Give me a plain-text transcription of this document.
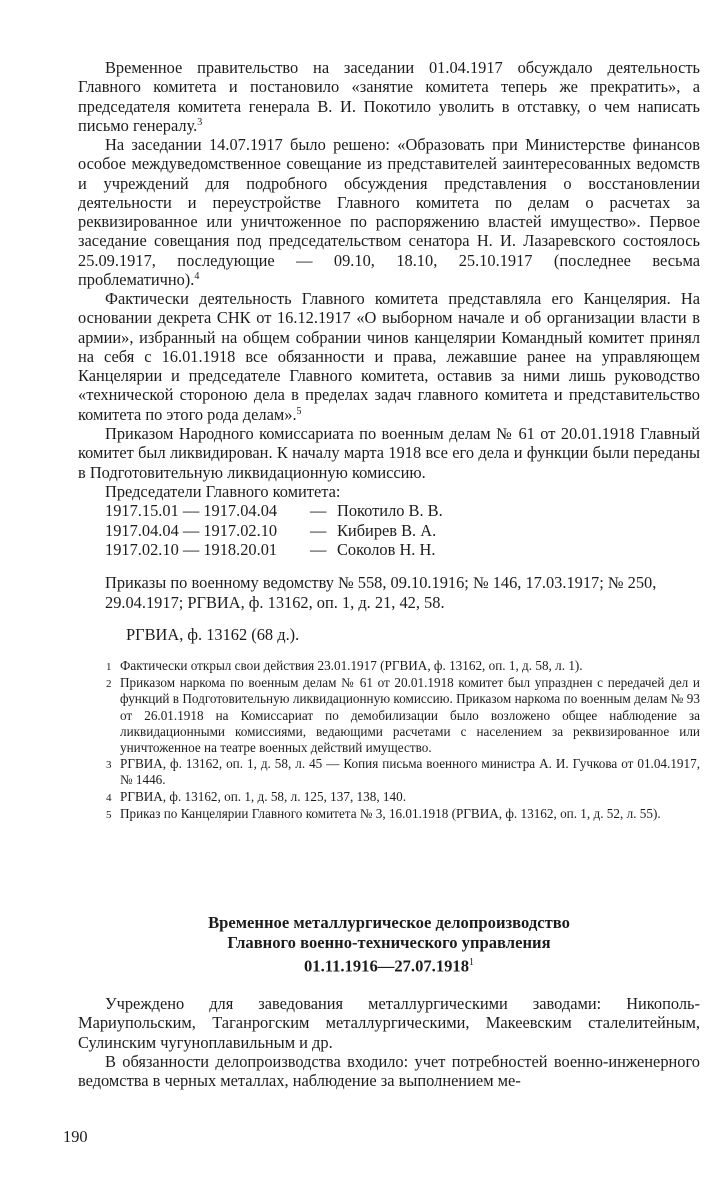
Временное правительство на заседании 01.04.1917 обсуждало деятельность Главного комитета и постановило «занятие комитета теперь же прекратить», а председателя комитета генерала В. И. Покотило уволить в отставку, о чем написать письмо генералу.$^3$

На заседании 14.07.1917 было решено: «Образовать при Министерстве финансов особое междуведомственное совещание из представителей заинтересованных ведомств и учреждений для подробного обсуждения представления о восстановлении деятельности и переустройстве Главного комитета по делам о расчетах за реквизированное или уничтоженное по распоряжению властей имущество». Первое заседание совещания под председательством сенатора Н. И. Лазаревского состоялось 25.09.1917, последующие — 09.10, 18.10, 25.10.1917 (последнее весьма проблематично).$^4$

Фактически деятельность Главного комитета представляла его Канцелярия. На основании декрета СНК от 16.12.1917 «О выборном начале и об организации власти в армии», избранный на общем собрании чинов канцелярии Командный комитет принял на себя с 16.01.1918 все обязанности и права, лежавшие ранее на управляющем Канцелярии и председателе Главного комитета, оставив за ними лишь руководство «технической стороною дела в пределах задач главного комитета и представительство комитета по этого рода делам».$^5$

Приказом Народного комиссариата по военным делам № 61 от 20.01.1918 Главный комитет был ликвидирован. К началу марта 1918 все его дела и функции были переданы в Подготовительную ликвидационную комиссию.

Председатели Главного комитета:
1917.15.01 — 1917.04.04	— Покотило В. В.
1917.04.04 — 1917.02.10	— Кибирев В. А.
1917.02.10 — 1918.20.01	— Соколов Н. Н.
Приказы по военному ведомству № 558, 09.10.1916; № 146, 17.03.1917; № 250, 29.04.1917; РГВИА, ф. 13162, оп. 1, д. 21, 42, 58.
РГВИА, ф. 13162 (68 д.).
1 Фактически открыл свои действия 23.01.1917 (РГВИА, ф. 13162, оп. 1, д. 58, л. 1).
2 Приказом наркома по военным делам № 61 от 20.01.1918 комитет был упразднен с передачей дел и функций в Подготовительную ликвидационную комиссию. Приказом наркома по военным делам № 93 от 26.01.1918 на Комиссариат по демобилизации было возложено общее наблюдение за ликвидационными комиссиями, ведающими расчетами с населением за реквизированное или уничтоженное на театре военных действий имущество.
3 РГВИА, ф. 13162, оп. 1, д. 58, л. 45 — Копия письма военного министра А. И. Гучкова от 01.04.1917, № 1446.
4 РГВИА, ф. 13162, оп. 1, д. 58, л. 125, 137, 138, 140.
5 Приказ по Канцелярии Главного комитета № 3, 16.01.1918 (РГВИА, ф. 13162, оп. 1, д. 52, л. 55).
Временное металлургическое делопроизводство
Главного военно-технического управления
01.11.1916—27.07.1918$^1$

Учреждено для заведования металлургическими заводами: Никополь-Мариупольским, Таганрогским металлургическими, Макеевским сталелитейным, Сулинским чугуноплавильным и др.

В обязанности делопроизводства входило: учет потребностей военно-инженерного ведомства в черных металлах, наблюдение за выполнением ме-

190
